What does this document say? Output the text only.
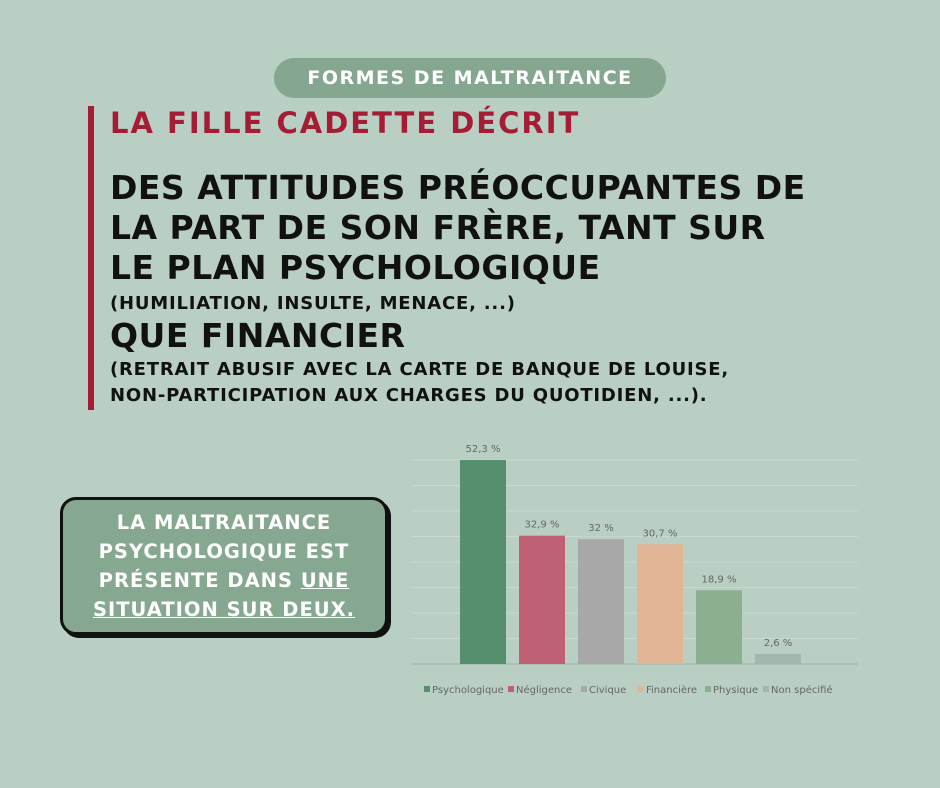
FORMES DE MALTRAITANCE
LA FILLE CADETTE DÉCRIT
DES ATTITUDES PRÉOCCUPANTES DE
LA PART DE SON FRÈRE, TANT SUR
LE PLAN PSYCHOLOGIQUE
(HUMILIATION, INSULTE, MENACE, ...)
QUE FINANCIER
(RETRAIT ABUSIF AVEC LA CARTE DE BANQUE DE LOUISE,
NON-PARTICIPATION AUX CHARGES DU QUOTIDIEN, ...).
LA MALTRAITANCE
PSYCHOLOGIQUE EST
PRÉSENTE DANS UNE
SITUATION SUR DEUX.
52,3 %
32,9 %	32 %	30,7 %
18,9 %
2,6 %
Psychologique Négligence Civique Financière Physique Non spécifié
